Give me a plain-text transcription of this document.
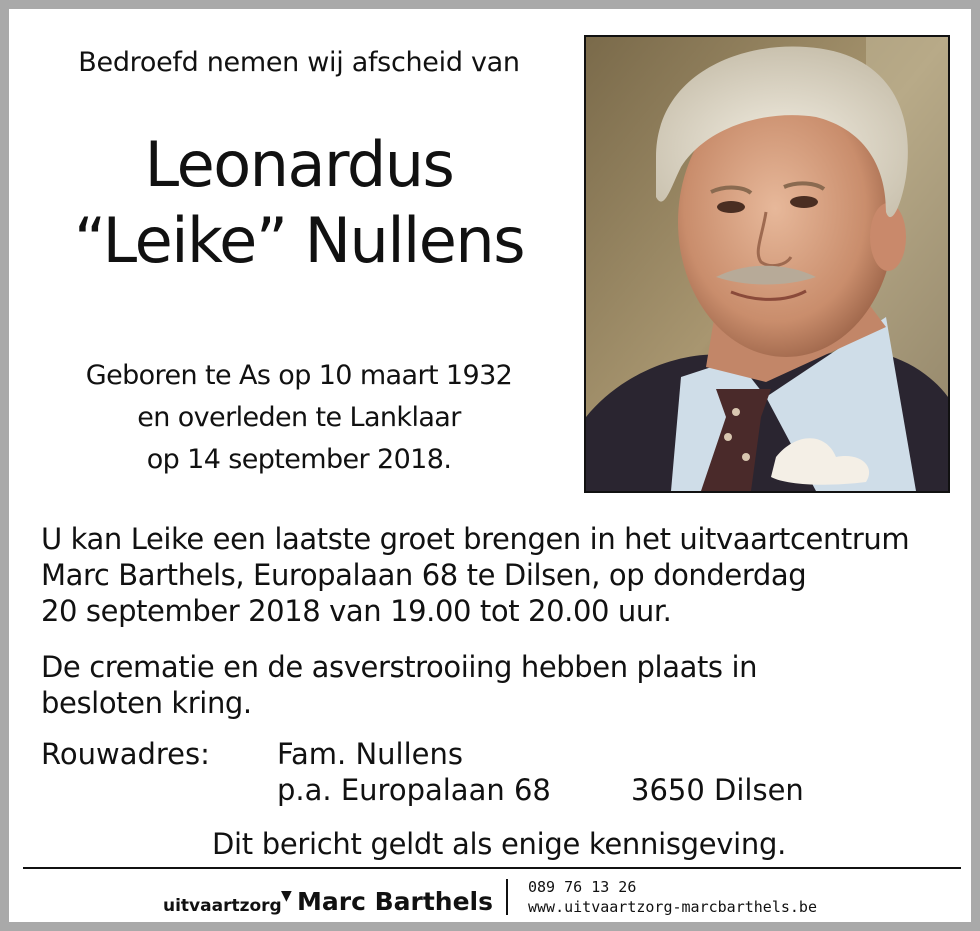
Bedroefd nemen wij afscheid van
Leonardus
“Leike” Nullens
Geboren te As op 10 maart 1932
en overleden te Lanklaar
op 14 september 2018.
U kan Leike een laatste groet brengen in het uitvaartcentrum
Marc Barthels, Europalaan 68 te Dilsen, op donderdag
20 september 2018 van 19.00 tot 20.00 uur.
De crematie en de asverstrooiing hebben plaats in
besloten kring.
Rouwadres: Fam. Nullens
p.a. Europalaan 68	3650 Dilsen
Dit bericht geldt als enige kennisgeving.
uitvaartzorg ▼ Marc Barthels 089 76 13 26
www.uitvaartzorg-marcbarthels.be
